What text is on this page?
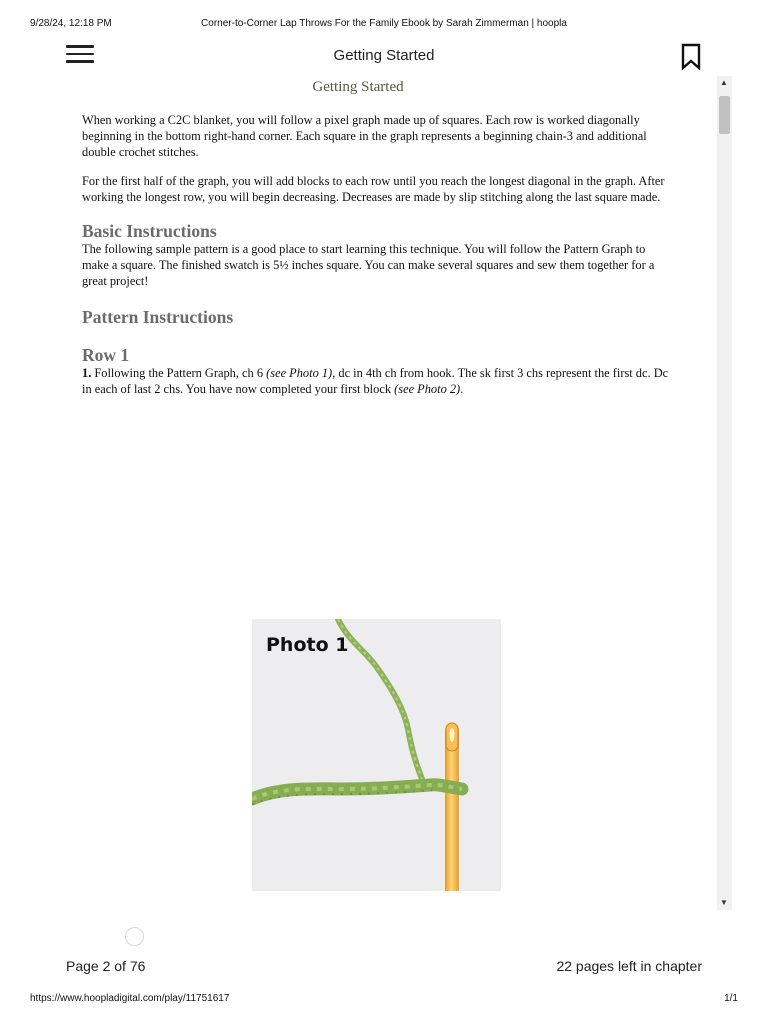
9/28/24, 12:18 PM	Corner-to-Corner Lap Throws For the Family Ebook by Sarah Zimmerman | hoopla
Getting Started
Getting Started

When working a C2C blanket, you will follow a pixel graph made up of squares. Each row is worked diagonally beginning in the bottom right-hand corner. Each square in the graph represents a beginning chain-3 and additional double crochet stitches.

For the first half of the graph, you will add blocks to each row until you reach the longest diagonal in the graph. After working the longest row, you will begin decreasing. Decreases are made by slip stitching along the last square made.

Basic Instructions

The following sample pattern is a good place to start learning this technique. You will follow the Pattern Graph to make a square. The finished swatch is 5½ inches square. You can make several squares and sew them together for a great project!

Pattern Instructions
Row 1

1. Following the Pattern Graph, ch 6 (see Photo 1), dc in 4th ch from hook. The sk first 3 chs represent the first dc. Dc in each of last 2 chs. You have now completed your first block (see Photo 2).

Photo 1
▲
▼
Page 2 of 76	22 pages left in chapter
https://www.hoopladigital.com/play/11751617	1/1
